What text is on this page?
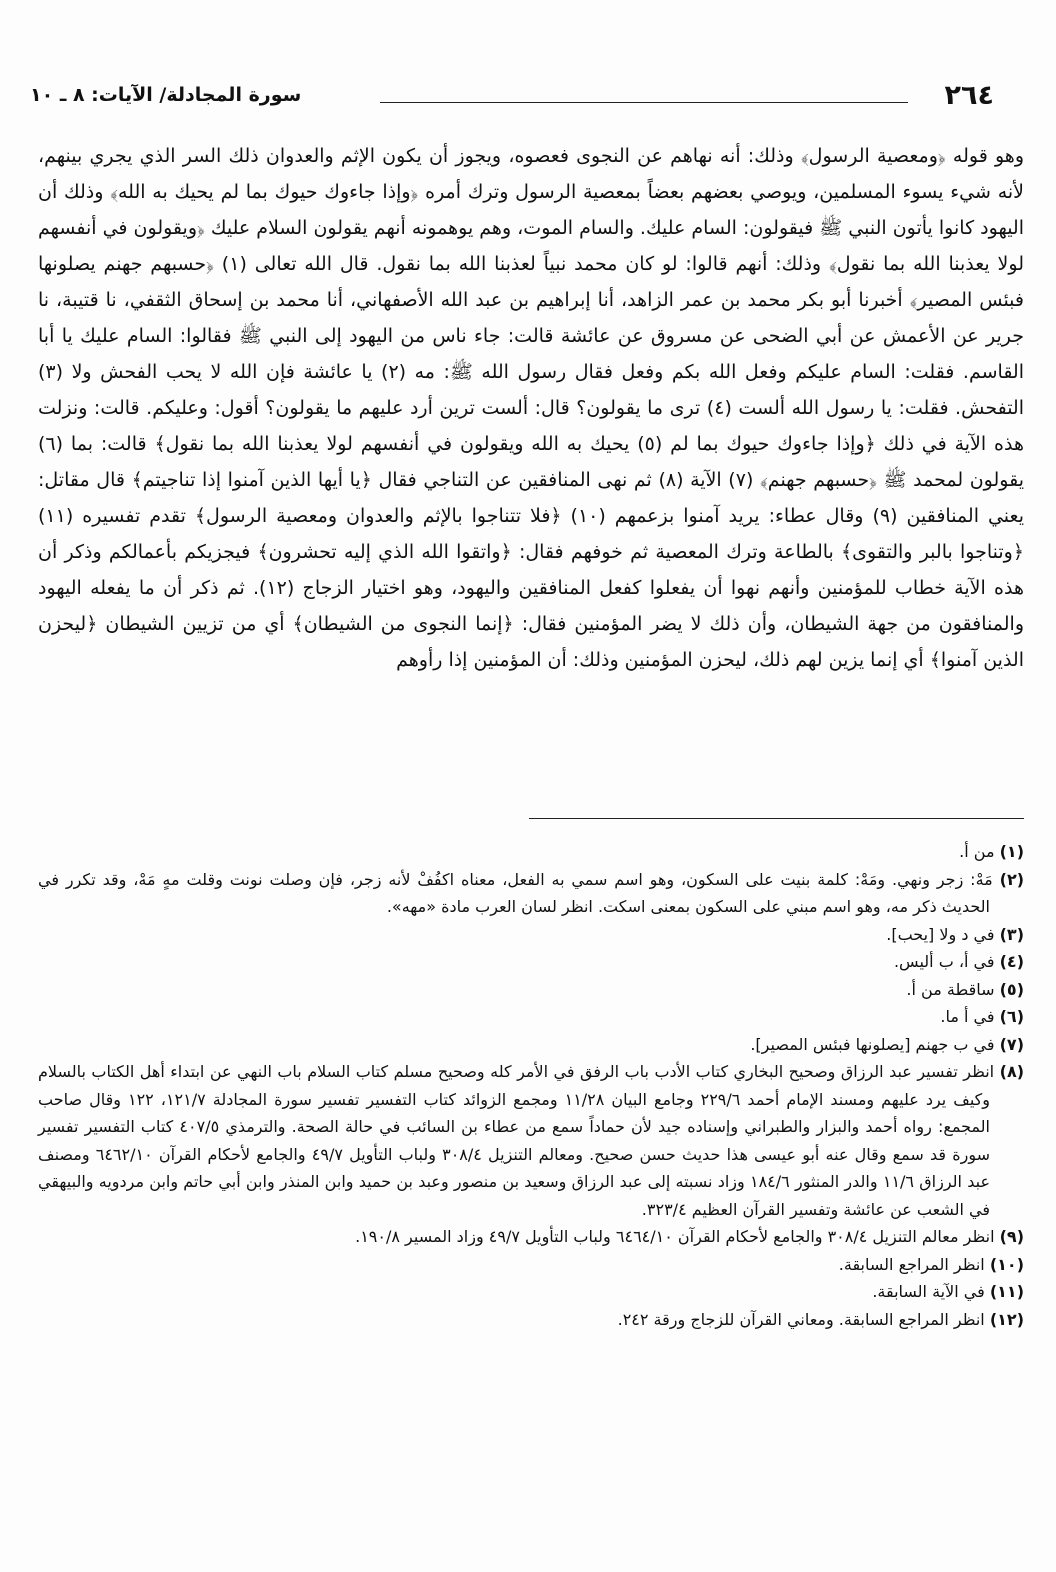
٢٦٤
سورة المجادلة/ الآيات: ٨ ـ ١٠

وهو قوله ﴿ومعصية الرسول﴾ وذلك: أنه نهاهم عن النجوى فعصوه، ويجوز أن يكون الإثم والعدوان ذلك السر الذي يجري بينهم، لأنه شيء يسوء المسلمين، ويوصي بعضهم بعضاً بمعصية الرسول وترك أمره ﴿وإذا جاءوك حيوك بما لم يحيك به الله﴾ وذلك أن اليهود كانوا يأتون النبي ﷺ فيقولون: السام عليك. والسام الموت، وهم يوهمونه أنهم يقولون السلام عليك ﴿ويقولون في أنفسهم لولا يعذبنا الله بما نقول﴾ وذلك: أنهم قالوا: لو كان محمد نبياً لعذبنا الله بما نقول. قال الله تعالى (١) ﴿حسبهم جهنم يصلونها فبئس المصير﴾ أخبرنا أبو بكر محمد بن عمر الزاهد، أنا إبراهيم بن عبد الله الأصفهاني، أنا محمد بن إسحاق الثقفي، نا قتيبة، نا جرير عن الأعمش عن أبي الضحى عن مسروق عن عائشة قالت: جاء ناس من اليهود إلى النبي ﷺ فقالوا: السام عليك يا أبا القاسم. فقلت: السام عليكم وفعل الله بكم وفعل فقال رسول الله ﷺ: مه (٢) يا عائشة فإن الله لا يحب الفحش ولا (٣) التفحش. فقلت: يا رسول الله ألست (٤) ترى ما يقولون؟ قال: ألست ترين أرد عليهم ما يقولون؟ أقول: وعليكم. قالت: ونزلت هذه الآية في ذلك ﴿وإذا جاءوك حيوك بما لم (٥) يحيك به الله ويقولون في أنفسهم لولا يعذبنا الله بما نقول﴾ قالت: بما (٦) يقولون لمحمد ﷺ ﴿حسبهم جهنم﴾ (٧) الآية (٨) ثم نهى المنافقين عن التناجي فقال ﴿يا أيها الذين آمنوا إذا تناجيتم﴾ قال مقاتل: يعني المنافقين (٩) وقال عطاء: يريد آمنوا بزعمهم (١٠) ﴿فلا تتناجوا بالإثم والعدوان ومعصية الرسول﴾ تقدم تفسيره (١١) ﴿وتناجوا بالبر والتقوى﴾ بالطاعة وترك المعصية ثم خوفهم فقال: ﴿واتقوا الله الذي إليه تحشرون﴾ فيجزيكم بأعمالكم وذكر أن هذه الآية خطاب للمؤمنين وأنهم نهوا أن يفعلوا كفعل المنافقين واليهود، وهو اختيار الزجاج (١٢). ثم ذكر أن ما يفعله اليهود والمنافقون من جهة الشيطان، وأن ذلك لا يضر المؤمنين فقال: ﴿إنما النجوى من الشيطان﴾ أي من تزيين الشيطان ﴿ليحزن الذين آمنوا﴾ أي إنما يزين لهم ذلك، ليحزن المؤمنين وذلك: أن المؤمنين إذا رأوهم

(١) من أ.

(٢) مَهْ: زجر ونهي. ومَهْ: كلمة بنيت على السكون، وهو اسم سمي به الفعل، معناه اكفُفْ لأنه زجر، فإن وصلت نونت وقلت مهٍ مَهْ، وقد تكرر في الحديث ذكر مه، وهو اسم مبني على السكون بمعنى اسكت. انظر لسان العرب مادة «مهه».

(٣) في د ولا [يحب].

(٤) في أ، ب أليس.

(٥) ساقطة من أ.

(٦) في أ ما.

(٧) في ب جهنم [يصلونها فبئس المصير].

(٨) انظر تفسير عبد الرزاق وصحيح البخاري كتاب الأدب باب الرفق في الأمر كله وصحيح مسلم كتاب السلام باب النهي عن ابتداء أهل الكتاب بالسلام وكيف يرد عليهم ومسند الإمام أحمد ٢٢٩/٦ وجامع البيان ١١/٢٨ ومجمع الزوائد كتاب التفسير تفسير سورة المجادلة ١٢١/٧، ١٢٢ وقال صاحب المجمع: رواه أحمد والبزار والطبراني وإسناده جيد لأن حماداً سمع من عطاء بن السائب في حالة الصحة. والترمذي ٤٠٧/٥ كتاب التفسير تفسير سورة قد سمع وقال عنه أبو عيسى هذا حديث حسن صحيح. ومعالم التنزيل ٣٠٨/٤ ولباب التأويل ٤٩/٧ والجامع لأحكام القرآن ٦٤٦٢/١٠ ومصنف عبد الرزاق ١١/٦ والدر المنثور ١٨٤/٦ وزاد نسبته إلى عبد الرزاق وسعيد بن منصور وعبد بن حميد وابن المنذر وابن أبي حاتم وابن مردويه والبيهقي في الشعب عن عائشة وتفسير القرآن العظيم ٣٢٣/٤.

(٩) انظر معالم التنزيل ٣٠٨/٤ والجامع لأحكام القرآن ٦٤٦٤/١٠ ولباب التأويل ٤٩/٧ وزاد المسير ١٩٠/٨.

(١٠) انظر المراجع السابقة.

(١١) في الآية السابقة.

(١٢) انظر المراجع السابقة. ومعاني القرآن للزجاج ورقة ٢٤٢.
